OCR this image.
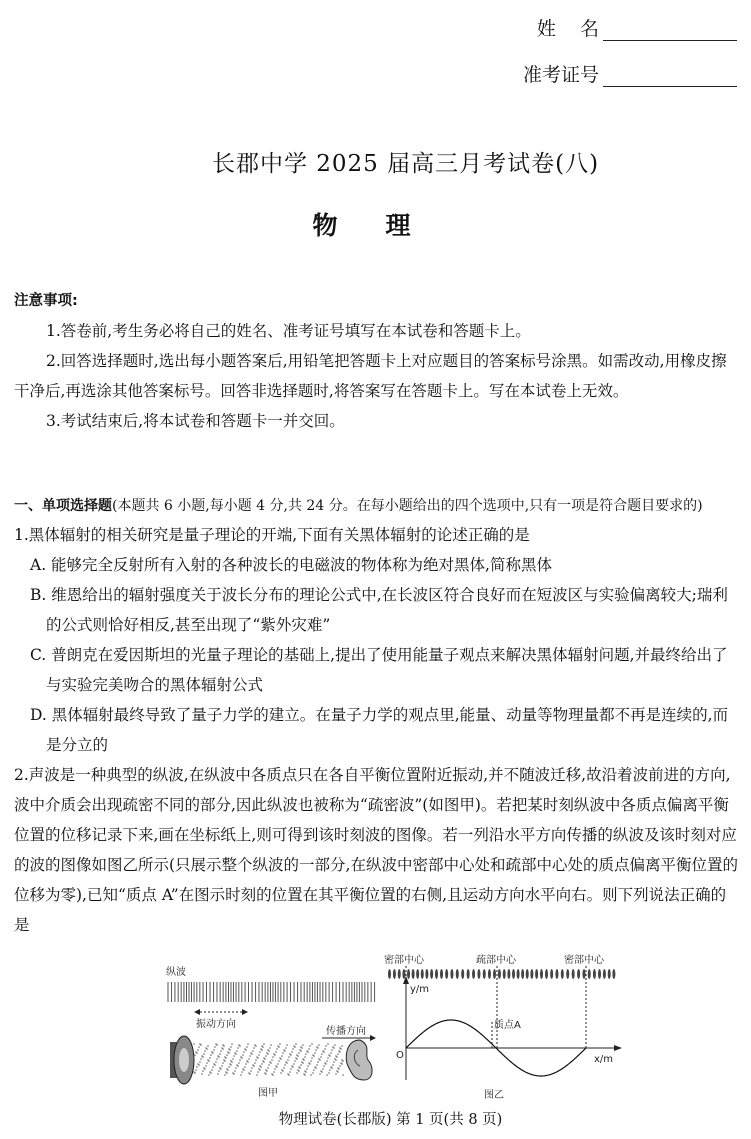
姓    名
准考证号
长郡中学 2025 届高三月考试卷(八)
物理
注意事项:
1.答卷前,考生务必将自己的姓名、准考证号填写在本试卷和答题卡上。
2.回答选择题时,选出每小题答案后,用铅笔把答题卡上对应题目的答案标号涂黑。如需改动,用橡皮擦干净后,再选涂其他答案标号。回答非选择题时,将答案写在答题卡上。写在本试卷上无效。
3.考试结束后,将本试卷和答题卡一并交回。
一、单项选择题(本题共 6 小题,每小题 4 分,共 24 分。在每小题给出的四个选项中,只有一项是符合题目要求的)
1.黑体辐射的相关研究是量子理论的开端,下面有关黑体辐射的论述正确的是
A. 能够完全反射所有入射的各种波长的电磁波的物体称为绝对黑体,简称黑体
B. 维恩给出的辐射强度关于波长分布的理论公式中,在长波区符合良好而在短波区与实验偏离较大;瑞利的公式则恰好相反,甚至出现了“紫外灾难”
C. 普朗克在爱因斯坦的光量子理论的基础上,提出了使用能量子观点来解决黑体辐射问题,并最终给出了与实验完美吻合的黑体辐射公式
D. 黑体辐射最终导致了量子力学的建立。在量子力学的观点里,能量、动量等物理量都不再是连续的,而是分立的
2.声波是一种典型的纵波,在纵波中各质点只在各自平衡位置附近振动,并不随波迁移,故沿着波前进的方向,波中介质会出现疏密不同的部分,因此纵波也被称为“疏密波”(如图甲)。若把某时刻纵波中各质点偏离平衡位置的位移记录下来,画在坐标纸上,则可得到该时刻波的图像。若一列沿水平方向传播的纵波及该时刻对应的波的图像如图乙所示(只展示整个纵波的一部分,在纵波中密部中心处和疏部中心处的质点偏离平衡位置的位移为零),已知“质点 A”在图示时刻的位置在其平衡位置的右侧,且运动方向水平向右。则下列说法正确的是
纵波
振动方向
传播方向
图甲
密部中心	疏部中心	密部中心
y/m
x/m
O
质点A
图乙
物理试卷(长郡版) 第 1 页(共 8 页)
